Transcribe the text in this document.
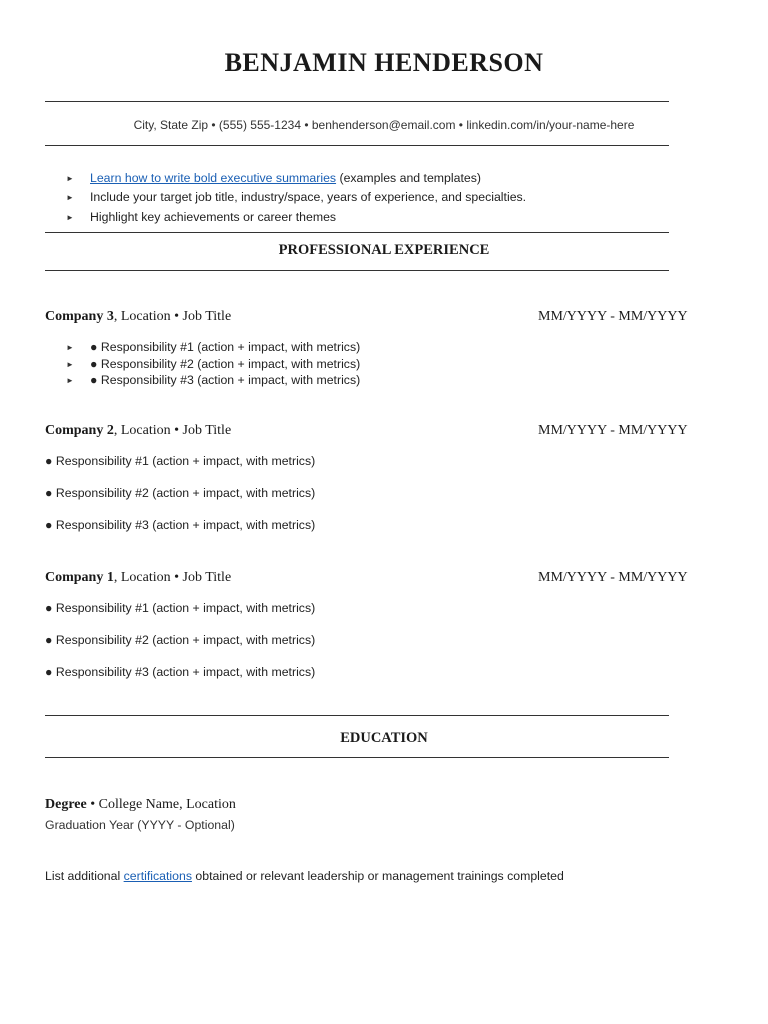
BENJAMIN HENDERSON
City, State Zip • (555) 555-1234 • benhenderson@email.com • linkedin.com/in/your-name-here
► Learn how to write bold executive summaries (examples and templates)
► Include your target job title, industry/space, years of experience, and specialties.
► Highlight key achievements or career themes
PROFESSIONAL EXPERIENCE
Company 3, Location • Job Title	MM/YYYY - MM/YYYY
► ● Responsibility #1 (action + impact, with metrics)
► ● Responsibility #2 (action + impact, with metrics)
► ● Responsibility #3 (action + impact, with metrics)
Company 2, Location • Job Title	MM/YYYY - MM/YYYY
● Responsibility #1 (action + impact, with metrics)
● Responsibility #2 (action + impact, with metrics)
● Responsibility #3 (action + impact, with metrics)
Company 1, Location • Job Title	MM/YYYY - MM/YYYY
● Responsibility #1 (action + impact, with metrics)
● Responsibility #2 (action + impact, with metrics)
● Responsibility #3 (action + impact, with metrics)
EDUCATION
Degree • College Name, Location
Graduation Year (YYYY - Optional)
List additional certifications obtained or relevant leadership or management trainings completed
